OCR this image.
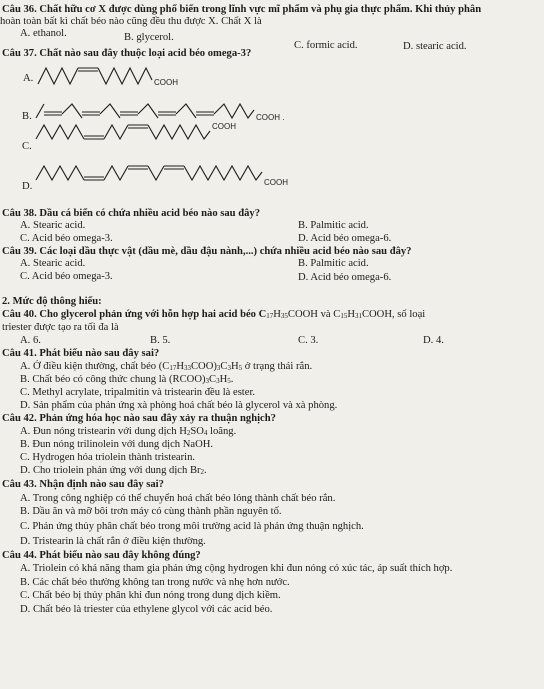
Câu 36. Chất hữu cơ X được dùng phổ biến trong lĩnh vực mĩ phẩm và phụ gia thực phẩm. Khi thủy phân
hoàn toàn bất kì chất béo nào cũng đều thu được X. Chất X là
A. ethanol.	B. glycerol.
C. formic acid.	D. stearic acid.
Câu 37. Chất nào sau đây thuộc loại acid béo omega-3?
A.	COOH
B.	COOH .
C.
COOH
D.	COOH
Câu 38. Dầu cá biển có chứa nhiều acid béo nào sau đây?
A. Stearic acid.	B. Palmitic acid.
C. Acid béo omega-3.	D. Acid béo omega-6.
Câu 39. Các loại dầu thực vật (dầu mè, dầu đậu nành,...) chứa nhiều acid béo nào sau đây?
A. Stearic acid.	B. Palmitic acid.
C. Acid béo omega-3.	D. Acid béo omega-6.
2. Mức độ thông hiểu:
Câu 40. Cho glycerol phản ứng với hỗn hợp hai acid béo $C_{17}H_{35}COOH$ và $C_{15}H_{31}COOH$, số loại
triester được tạo ra tối đa là
A. 6.	B. 5.	C. 3.	D. 4.
Câu 41. Phát biểu nào sau đây sai?
A. Ở điều kiện thường, chất béo $(C_{17}H_{33}COO)_3C_3H_5$ ở trạng thái rắn.
B. Chất béo có công thức chung là $(RCOO)_3C_3H_5$.
C. Methyl acrylate, tripalmitin và tristearin đều là ester.
D. Sản phẩm của phản ứng xà phòng hoá chất béo là glycerol và xà phòng.
Câu 42. Phản ứng hóa học nào sau đây xảy ra thuận nghịch?
A. Đun nóng tristearin với dung dịch $H_2SO_4$ loãng.
B. Đun nóng trilinolein với dung dịch NaOH.
C. Hydrogen hóa triolein thành tristearin.
D. Cho triolein phản ứng với dung dịch $Br_2$.
Câu 43. Nhận định nào sau đây sai?
A. Trong công nghiệp có thể chuyển hoá chất béo lỏng thành chất béo rắn.
B. Dầu ăn và mỡ bôi trơn máy có cùng thành phần nguyên tố.
C. Phản ứng thủy phân chất béo trong môi trường acid là phản ứng thuận nghịch.
D. Tristearin là chất rắn ở điều kiện thường.
Câu 44. Phát biểu nào sau đây không đúng?
A. Triolein có khả năng tham gia phản ứng cộng hydrogen khi đun nóng có xúc tác, áp suất thích hợp.
B. Các chất béo thường không tan trong nước và nhẹ hơn nước.
C. Chất béo bị thủy phân khi đun nóng trong dung dịch kiềm.
D. Chất béo là triester của ethylene glycol với các acid béo.
